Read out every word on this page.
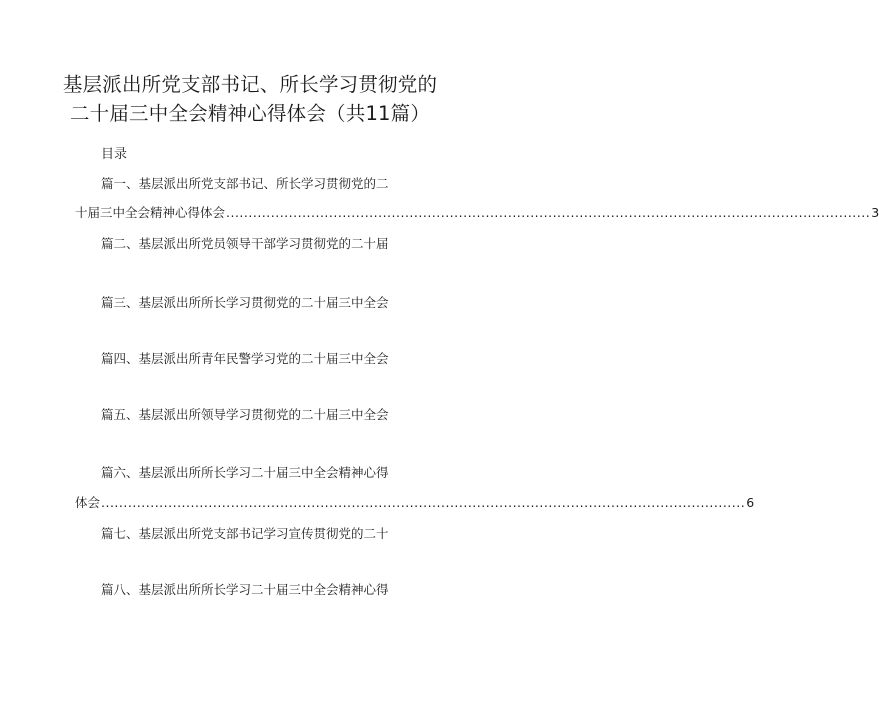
基层派出所党支部书记、所长学习贯彻党的
二十届三中全会精神心得体会（共11篇）
目录
篇一、基层派出所党支部书记、所长学习贯彻党的二
十届三中全会精神心得体会 ................................................................................................................................................ 3
篇二、基层派出所党员领导干部学习贯彻党的二十届
篇三、基层派出所所长学习贯彻党的二十届三中全会
篇四、基层派出所青年民警学习党的二十届三中全会
篇五、基层派出所领导学习贯彻党的二十届三中全会
篇六、基层派出所所长学习二十届三中全会精神心得
体会 ................................................................................................................................................ 6
篇七、基层派出所党支部书记学习宣传贯彻党的二十
篇八、基层派出所所长学习二十届三中全会精神心得
